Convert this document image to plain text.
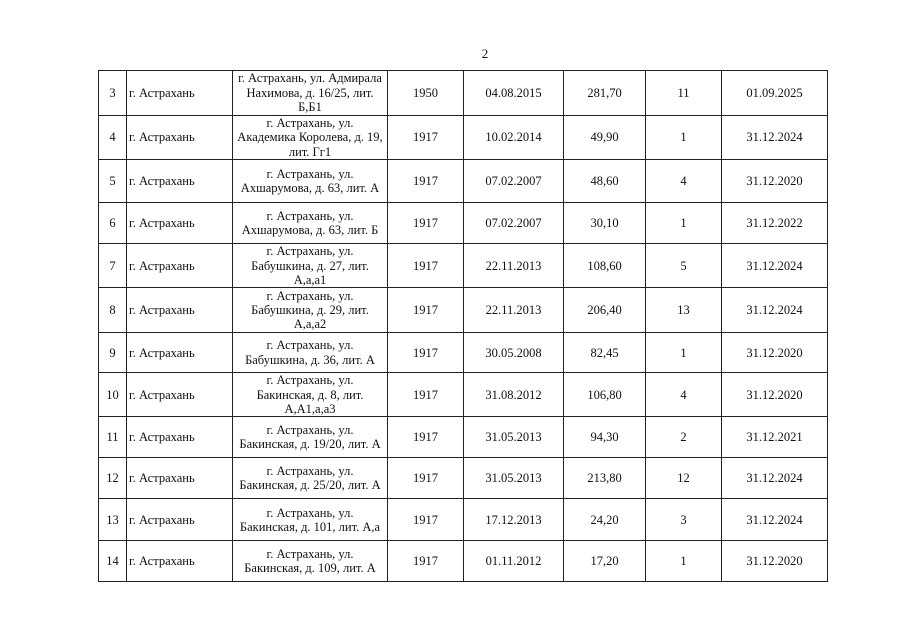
2
3	г. Астрахань	г. Астрахань, ул. Адмирала Нахимова, д. 16/25, лит. Б,Б1	1950	04.08.2015	281,70	11	01.09.2025
4	г. Астрахань	г. Астрахань, ул. Академика Королева, д. 19, лит. Гг1	1917	10.02.2014	49,90	1	31.12.2024
5	г. Астрахань	г. Астрахань, ул. Ахшарумова, д. 63, лит. А	1917	07.02.2007	48,60	4	31.12.2020
6	г. Астрахань	г. Астрахань, ул. Ахшарумова, д. 63, лит. Б	1917	07.02.2007	30,10	1	31.12.2022
7	г. Астрахань	г. Астрахань, ул. Бабушкина, д. 27, лит. А,а,а1	1917	22.11.2013	108,60	5	31.12.2024
8	г. Астрахань	г. Астрахань, ул. Бабушкина, д. 29, лит. А,а,а2	1917	22.11.2013	206,40	13	31.12.2024
9	г. Астрахань	г. Астрахань, ул. Бабушкина, д. 36, лит. А	1917	30.05.2008	82,45	1	31.12.2020
10	г. Астрахань	г. Астрахань, ул. Бакинская, д. 8, лит. А,А1,а,а3	1917	31.08.2012	106,80	4	31.12.2020
11	г. Астрахань	г. Астрахань, ул. Бакинская, д. 19/20, лит. А	1917	31.05.2013	94,30	2	31.12.2021
12	г. Астрахань	г. Астрахань, ул. Бакинская, д. 25/20, лит. А	1917	31.05.2013	213,80	12	31.12.2024
13	г. Астрахань	г. Астрахань, ул. Бакинская, д. 101, лит. А,а	1917	17.12.2013	24,20	3	31.12.2024
14	г. Астрахань	г. Астрахань, ул. Бакинская, д. 109, лит. А	1917	01.11.2012	17,20	1	31.12.2020
